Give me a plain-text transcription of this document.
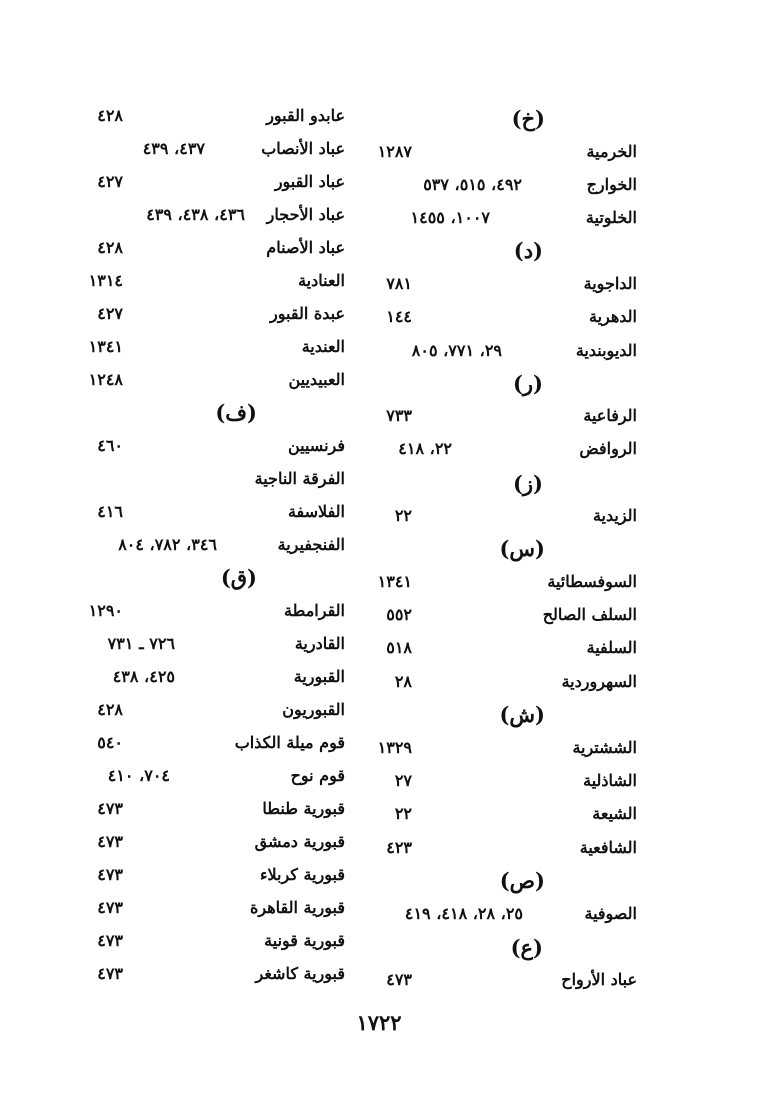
(خ)
الخرمية
١٢٨٧
الخوارج
٤٩٢، ٥١٥، ٥٣٧
الخلوتية
١٠٠٧، ١٤٥٥
(د)
الداجوية
٧٨١
الدهرية
١٤٤
الديوبندية
٢٩، ٧٧١، ٨٠٥
(ر)
الرفاعية
٧٣٣
الروافض
٢٢، ٤١٨
(ز)
الزيدية
٢٢
(س)
السوفسطائية
١٣٤١
السلف الصالح
٥٥٢
السلفية
٥١٨
السهروردية
٢٨
(ش)
الششترية
١٣٢٩
الشاذلية
٢٧
الشيعة
٢٢
الشافعية
٤٢٣
(ص)
الصوفية
٢٥، ٢٨، ٤١٨، ٤١٩
(ع)
عباد الأرواح
٤٧٣
عابدو القبور
٤٢٨
عباد الأنصاب
٤٣٧، ٤٣٩
عباد القبور
٤٢٧
عباد الأحجار
٤٣٦، ٤٣٨، ٤٣٩
عباد الأصنام
٤٢٨
العنادية
١٣١٤
عبدة القبور
٤٢٧
العندية
١٣٤١
العبيديين
١٢٤٨
(ف)
فرنسيين
٤٦٠
الفرقة الناجية
الفلاسفة
٤١٦
الفنجفيرية
٣٤٦، ٧٨٢، ٨٠٤
(ق)
القرامطة
١٢٩٠
القادرية
٧٢٦ ـ ٧٣١
القبورية
٤٢٥، ٤٣٨
القبوريون
٤٢٨
قوم ميلة الكذاب
٥٤٠
قوم نوح
٧٠٤، ٤١٠
قبورية طنطا
٤٧٣
قبورية دمشق
٤٧٣
قبورية كربلاء
٤٧٣
قبورية القاهرة
٤٧٣
قبورية قونية
٤٧٣
قبورية كاشغر
٤٧٣
١٧٢٢
